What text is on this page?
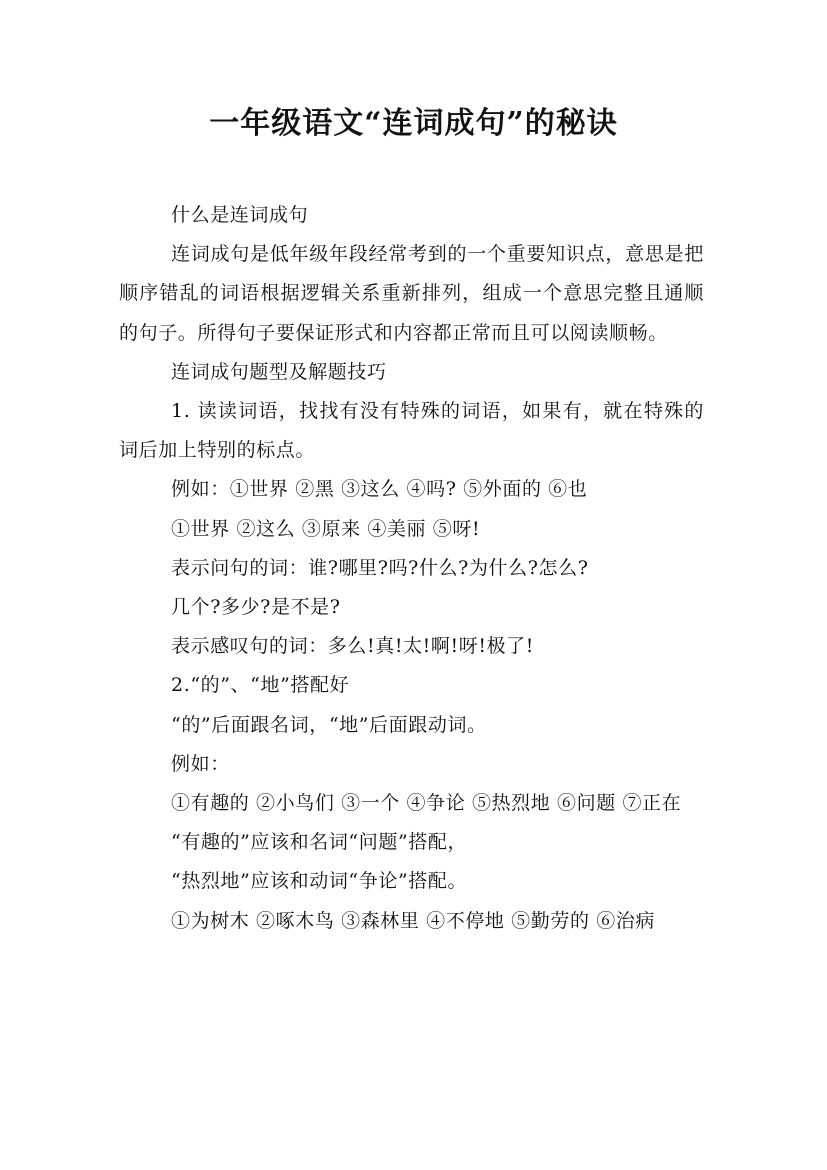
一年级语文“连词成句”的秘诀

什么是连词成句

连词成句是低年级年段经常考到的一个重要知识点，意思是把顺序错乱的词语根据逻辑关系重新排列，组成一个意思完整且通顺的句子。所得句子要保证形式和内容都正常而且可以阅读顺畅。

连词成句题型及解题技巧

1. 读读词语，找找有没有特殊的词语，如果有，就在特殊的词后加上特别的标点。

例如：①世界 ②黑 ③这么 ④吗? ⑤外面的 ⑥也

①世界 ②这么 ③原来 ④美丽 ⑤呀!

表示问句的词：谁?哪里?吗?什么?为什么?怎么?

几个?多少?是不是?

表示感叹句的词：多么!真!太!啊!呀!极了!

2.“的”、“地”搭配好

“的”后面跟名词，“地”后面跟动词。

例如：

①有趣的 ②小鸟们 ③一个 ④争论 ⑤热烈地 ⑥问题 ⑦正在

“有趣的”应该和名词“问题”搭配，

“热烈地”应该和动词“争论”搭配。

①为树木 ②啄木鸟 ③森林里 ④不停地 ⑤勤劳的 ⑥治病
